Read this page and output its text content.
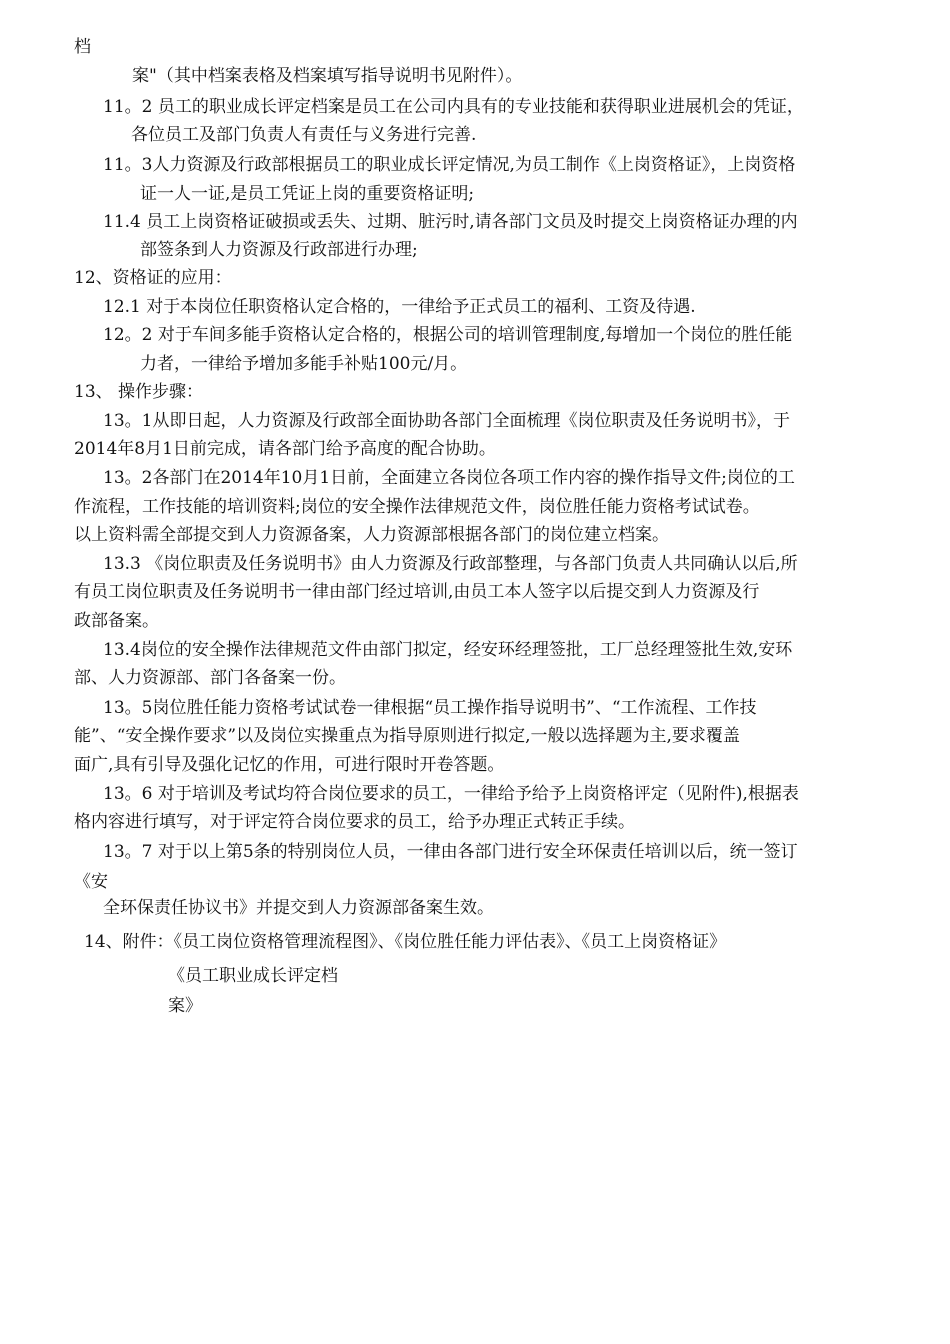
档
案"（其中档案表格及档案填写指导说明书见附件）。
11。2 员工的职业成长评定档案是员工在公司内具有的专业技能和获得职业进展机会的凭证，
各位员工及部门负责人有责任与义务进行完善.
11。3人力资源及行政部根据员工的职业成长评定情况,为员工制作《上岗资格证》，上岗资格
证一人一证,是员工凭证上岗的重要资格证明;
11.4 员工上岗资格证破损或丢失、过期、脏污时,请各部门文员及时提交上岗资格证办理的内
部签条到人力资源及行政部进行办理;
12、资格证的应用：
12.1 对于本岗位任职资格认定合格的，一律给予正式员工的福利、工资及待遇.
12。2 对于车间多能手资格认定合格的，根据公司的培训管理制度,每增加一个岗位的胜任能
力者，一律给予增加多能手补贴100元/月。
13、 操作步骤：
13。1从即日起，人力资源及行政部全面协助各部门全面梳理《岗位职责及任务说明书》，于
2014年8月1日前完成，请各部门给予高度的配合协助。
13。2各部门在2014年10月1日前，全面建立各岗位各项工作内容的操作指导文件;岗位的工
作流程，工作技能的培训资料;岗位的安全操作法律规范文件，岗位胜任能力资格考试试卷。
以上资料需全部提交到人力资源备案，人力资源部根据各部门的岗位建立档案。
13.3 《岗位职责及任务说明书》由人力资源及行政部整理，与各部门负责人共同确认以后,所
有员工岗位职责及任务说明书一律由部门经过培训,由员工本人签字以后提交到人力资源及行
政部备案。
13.4岗位的安全操作法律规范文件由部门拟定，经安环经理签批，工厂总经理签批生效,安环
部、人力资源部、部门各备案一份。
13。5岗位胜任能力资格考试试卷一律根据“员工操作指导说明书”、“工作流程、工作技
能”、“安全操作要求”以及岗位实操重点为指导原则进行拟定,一般以选择题为主,要求覆盖
面广,具有引导及强化记忆的作用，可进行限时开卷答题。
13。6 对于培训及考试均符合岗位要求的员工，一律给予给予上岗资格评定（见附件),根据表
格内容进行填写，对于评定符合岗位要求的员工，给予办理正式转正手续。
13。7 对于以上第5条的特别岗位人员，一律由各部门进行安全环保责任培训以后，统一签订
《安
全环保责任协议书》并提交到人力资源部备案生效。
14、附件：《员工岗位资格管理流程图》、《岗位胜任能力评估表》、《员工上岗资格证》
《员工职业成长评定档
案》
